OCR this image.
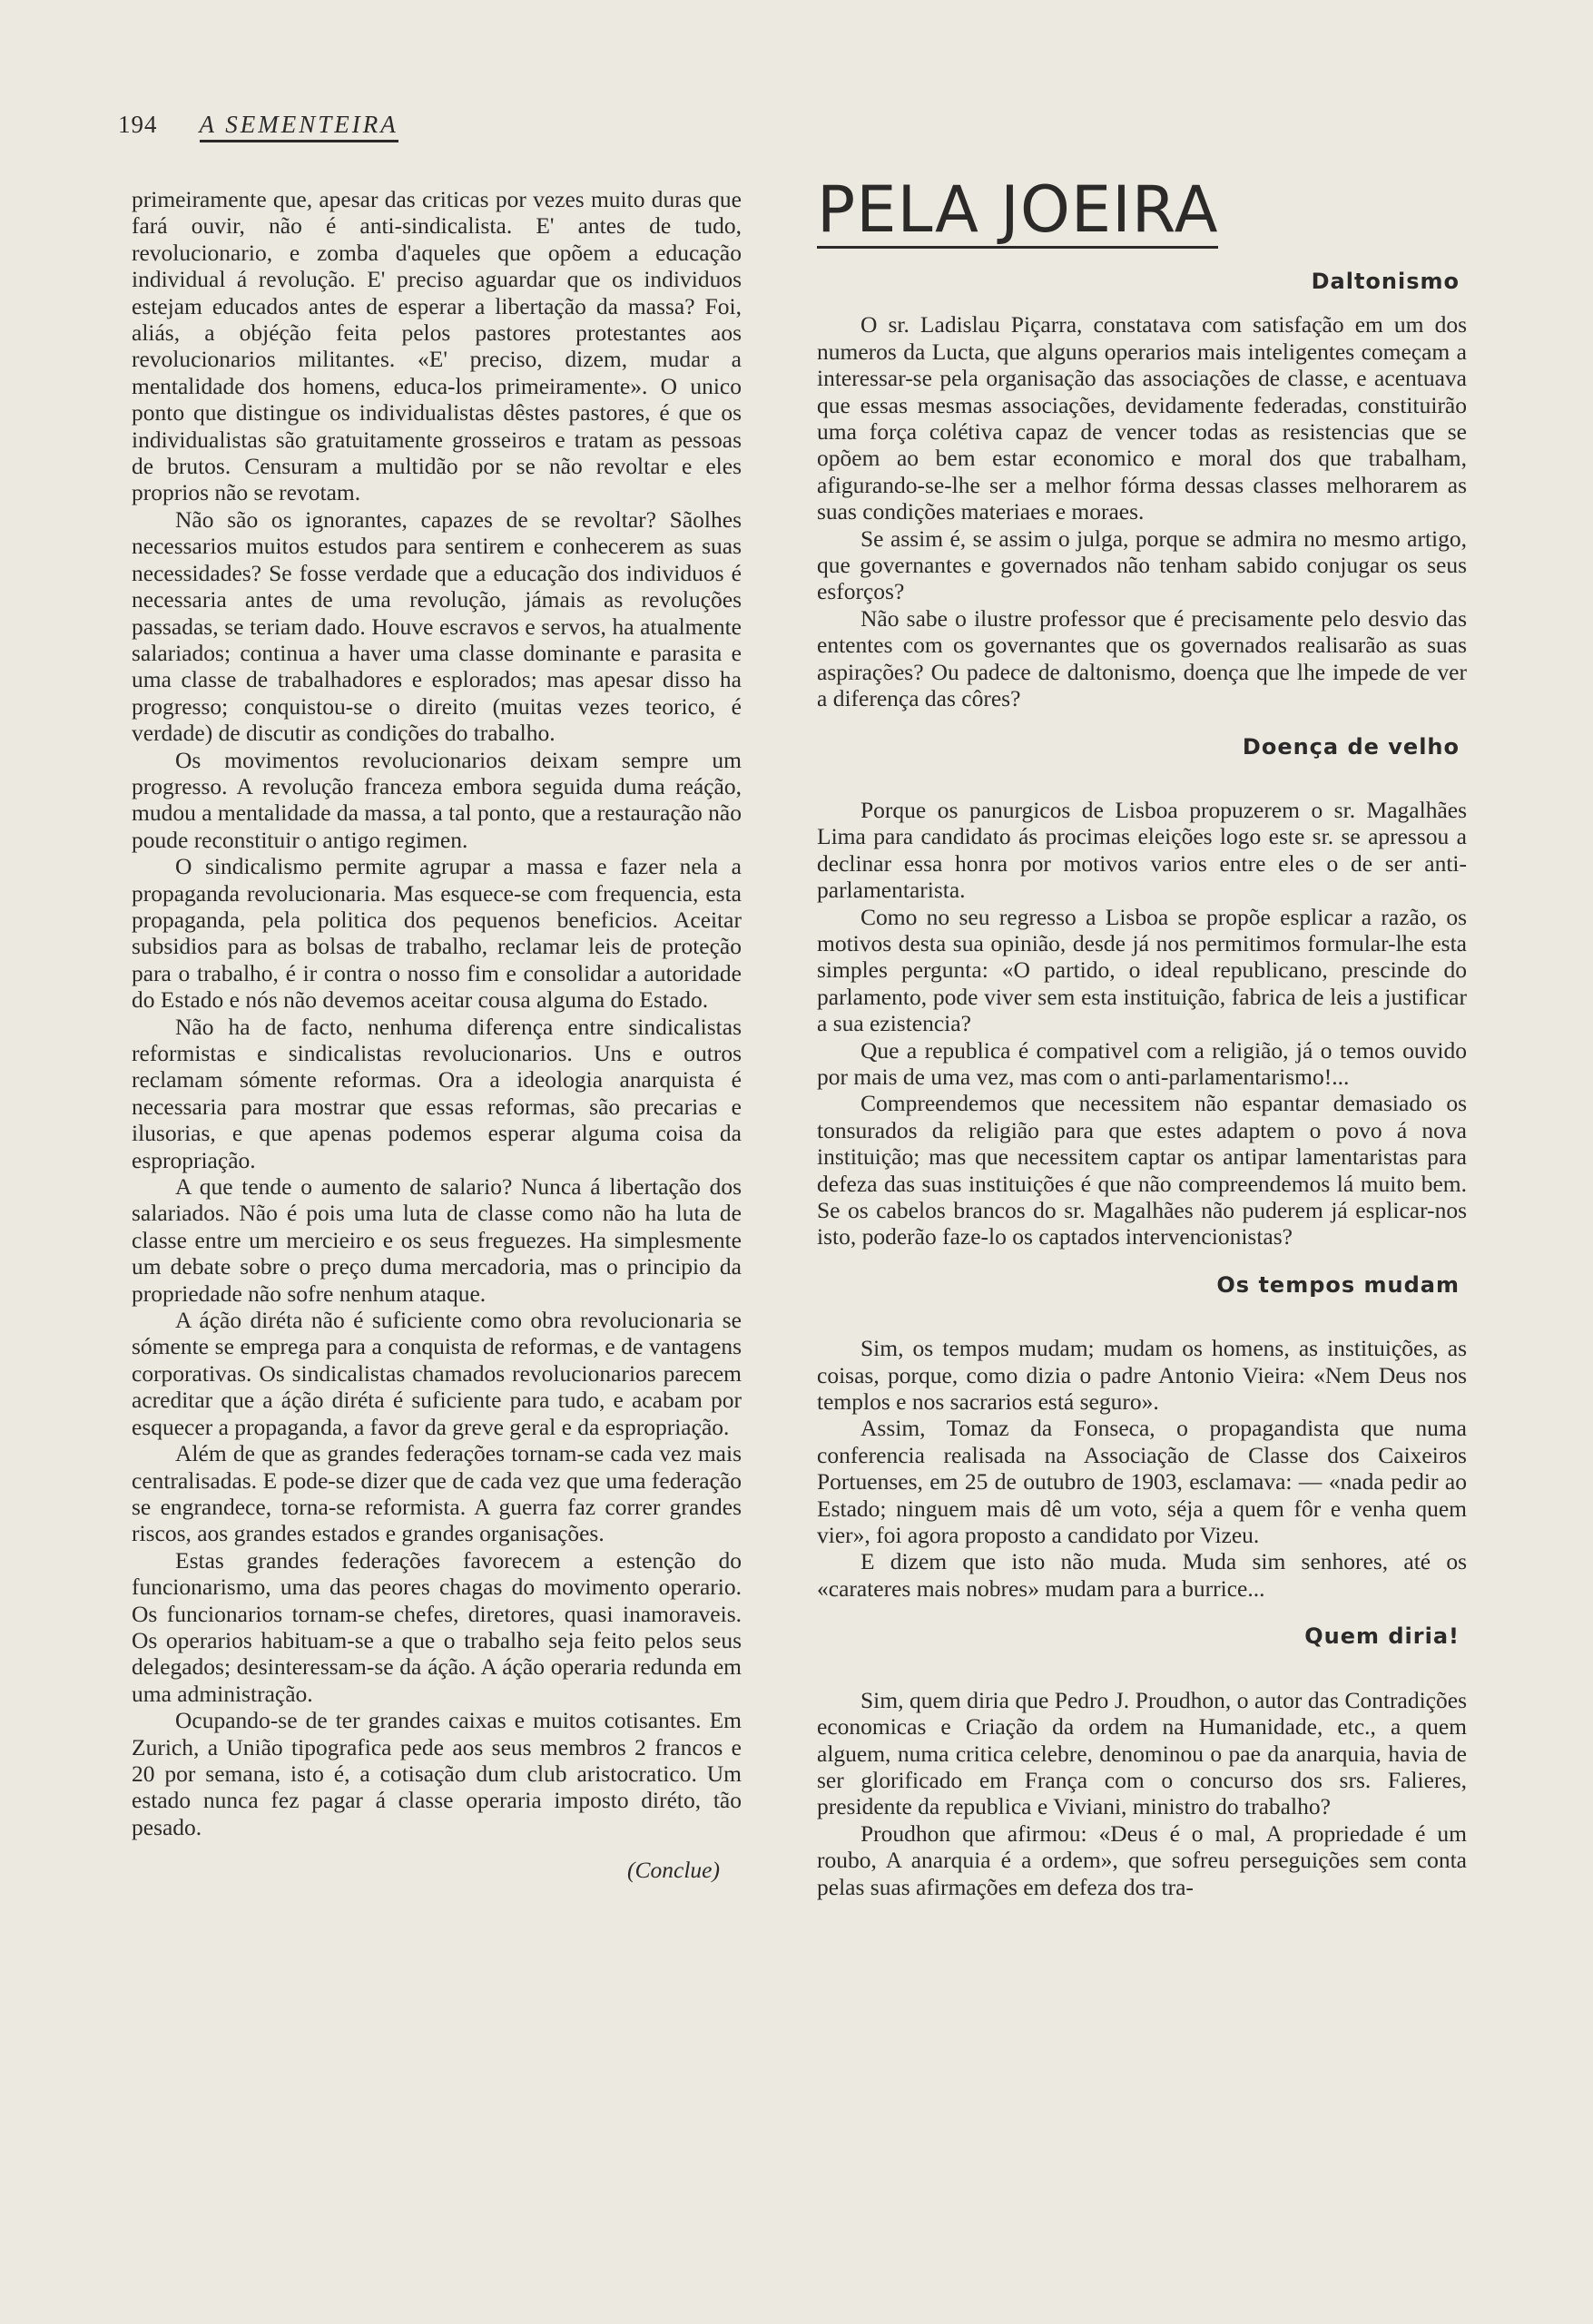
194 A SEMENTEIRA

primeiramente que, apesar das criticas por vezes muito duras que fará ouvir, não é anti-sindicalista. E' antes de tudo, revolucionario, e zomba d'aqueles que opõem a educação individual á revolução. E' preciso aguardar que os individuos estejam educados antes de esperar a libertação da massa? Foi, aliás, a objéção feita pelos pastores protestantes aos revolucionarios militantes. «E' preciso, dizem, mudar a mentalidade dos homens, educa-los primeiramente». O unico ponto que distingue os individualistas dêstes pastores, é que os individualistas são gratuitamente grosseiros e tratam as pessoas de brutos. Censuram a multidão por se não revoltar e eles proprios não se revotam.

Não são os ignorantes, capazes de se revoltar? Sãolhes necessarios muitos estudos para sentirem e conhecerem as suas necessidades? Se fosse verdade que a educação dos individuos é necessaria antes de uma revolução, jámais as revoluções passadas, se teriam dado. Houve escravos e servos, ha atualmente salariados; continua a haver uma classe dominante e parasita e uma classe de trabalhadores e esplorados; mas apesar disso ha progresso; conquistou-se o direito (muitas vezes teorico, é verdade) de discutir as condições do trabalho.

Os movimentos revolucionarios deixam sempre um progresso. A revolução franceza embora seguida duma reáção, mudou a mentalidade da massa, a tal ponto, que a restauração não poude reconstituir o antigo regimen.

O sindicalismo permite agrupar a massa e fazer nela a propaganda revolucionaria. Mas esquece-se com frequencia, esta propaganda, pela politica dos pequenos beneficios. Aceitar subsidios para as bolsas de trabalho, reclamar leis de proteção para o trabalho, é ir contra o nosso fim e consolidar a autoridade do Estado e nós não devemos aceitar cousa alguma do Estado.

Não ha de facto, nenhuma diferença entre sindicalistas reformistas e sindicalistas revolucionarios. Uns e outros reclamam sómente reformas. Ora a ideologia anarquista é necessaria para mostrar que essas reformas, são precarias e ilusorias, e que apenas podemos esperar alguma coisa da espropriação.

A que tende o aumento de salario? Nunca á libertação dos salariados. Não é pois uma luta de classe como não ha luta de classe entre um mercieiro e os seus freguezes. Ha simplesmente um debate sobre o preço duma mercadoria, mas o principio da propriedade não sofre nenhum ataque.

A áção diréta não é suficiente como obra revolucionaria se sómente se emprega para a conquista de reformas, e de vantagens corporativas. Os sindicalistas chamados revolucionarios parecem acreditar que a áção diréta é suficiente para tudo, e acabam por esquecer a propaganda, a favor da greve geral e da espropriação.

Além de que as grandes federações tornam-se cada vez mais centralisadas. E pode-se dizer que de cada vez que uma federação se engrandece, torna-se reformista. A guerra faz correr grandes riscos, aos grandes estados e grandes organisações.

Estas grandes federações favorecem a estenção do funcionarismo, uma das peores chagas do movimento operario. Os funcionarios tornam-se chefes, diretores, quasi inamoraveis. Os operarios habituam-se a que o trabalho seja feito pelos seus delegados; desinteressam-se da áção. A áção operaria redunda em uma administração.

Ocupando-se de ter grandes caixas e muitos cotisantes. Em Zurich, a União tipografica pede aos seus membros 2 francos e 20 por semana, isto é, a cotisação dum club aristocratico. Um estado nunca fez pagar á classe operaria imposto diréto, tão pesado.

(Conclue)
PELA JOEIRA
Daltonismo

O sr. Ladislau Piçarra, constatava com satisfação em um dos numeros da Lucta, que alguns operarios mais inteligentes começam a interessar-se pela organisação das associações de classe, e acentuava que essas mesmas associações, devidamente federadas, constituirão uma força colétiva capaz de vencer todas as resistencias que se opõem ao bem estar economico e moral dos que trabalham, afigurando-se-lhe ser a melhor fórma dessas classes melhorarem as suas condições materiaes e moraes.

Se assim é, se assim o julga, porque se admira no mesmo artigo, que governantes e governados não tenham sabido conjugar os seus esforços?

Não sabe o ilustre professor que é precisamente pelo desvio das ententes com os governantes que os governados realisarão as suas aspirações? Ou padece de daltonismo, doença que lhe impede de ver a diferença das côres?

Doença de velho

Porque os panurgicos de Lisboa propuzerem o sr. Magalhães Lima para candidato ás procimas eleições logo este sr. se apressou a declinar essa honra por motivos varios entre eles o de ser anti-parlamentarista.

Como no seu regresso a Lisboa se propõe esplicar a razão, os motivos desta sua opinião, desde já nos permitimos formular-lhe esta simples pergunta: «O partido, o ideal republicano, prescinde do parlamento, pode viver sem esta instituição, fabrica de leis a justificar a sua ezistencia?

Que a republica é compativel com a religião, já o temos ouvido por mais de uma vez, mas com o anti-parlamentarismo!...

Compreendemos que necessitem não espantar demasiado os tonsurados da religião para que estes adaptem o povo á nova instituição; mas que necessitem captar os antipar lamentaristas para defeza das suas instituições é que não compreendemos lá muito bem. Se os cabelos brancos do sr. Magalhães não puderem já esplicar-nos isto, poderão faze-lo os captados intervencionistas?

Os tempos mudam

Sim, os tempos mudam; mudam os homens, as instituições, as coisas, porque, como dizia o padre Antonio Vieira: «Nem Deus nos templos e nos sacrarios está seguro».

Assim, Tomaz da Fonseca, o propagandista que numa conferencia realisada na Associação de Classe dos Caixeiros Portuenses, em 25 de outubro de 1903, esclamava: — «nada pedir ao Estado; ninguem mais dê um voto, séja a quem fôr e venha quem vier», foi agora proposto a candidato por Vizeu.

E dizem que isto não muda. Muda sim senhores, até os «carateres mais nobres» mudam para a burrice...

Quem diria!

Sim, quem diria que Pedro J. Proudhon, o autor das Contradições economicas e Criação da ordem na Humanidade, etc., a quem alguem, numa critica celebre, denominou o pae da anarquia, havia de ser glorificado em França com o concurso dos srs. Falieres, presidente da republica e Viviani, ministro do trabalho?

Proudhon que afirmou: «Deus é o mal, A propriedade é um roubo, A anarquia é a ordem», que sofreu perseguições sem conta pelas suas afirmações em defeza dos tra-
